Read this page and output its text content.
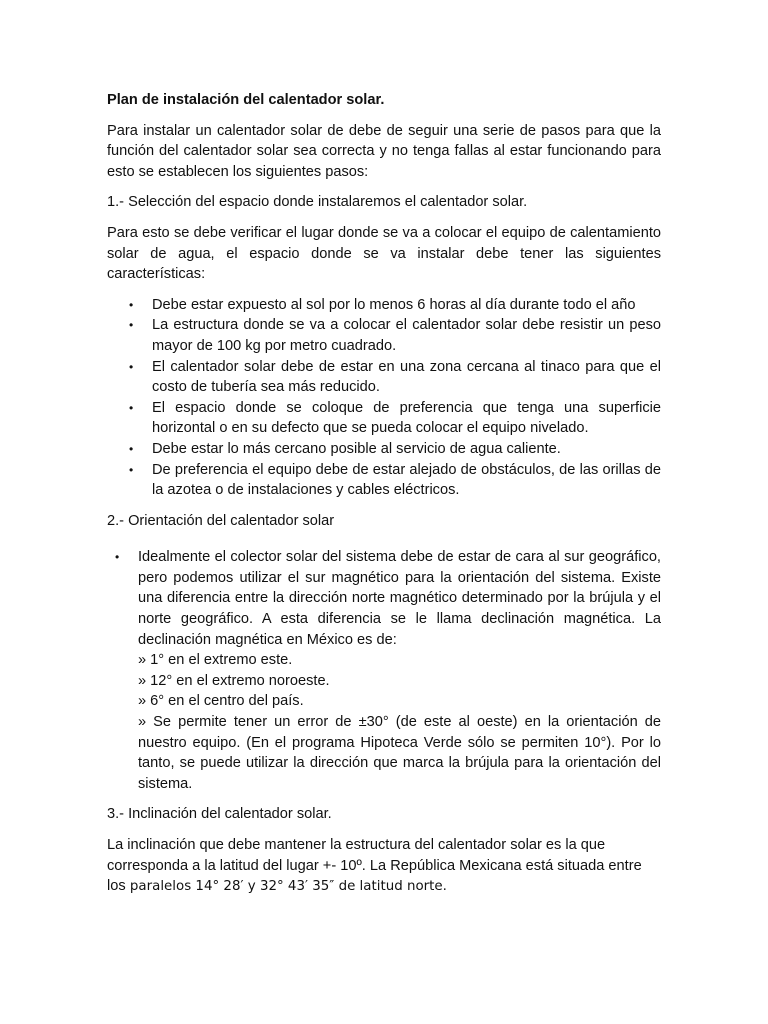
Plan de instalación del calentador solar.

Para instalar un calentador solar de debe de seguir una serie de pasos para que la función del calentador solar sea correcta y no tenga fallas al estar funcionando para esto se establecen los siguientes pasos:

1.- Selección del espacio donde instalaremos el calentador solar.

Para esto se debe verificar el lugar donde se va a colocar el equipo de calentamiento solar de agua, el espacio donde se va instalar debe tener las siguientes características:

• Debe estar expuesto al sol por lo menos 6 horas al día durante todo el año
• La estructura donde se va a colocar el calentador solar debe resistir un peso mayor de 100 kg por metro cuadrado.
• El calentador solar debe de estar en una zona cercana al tinaco para que el costo de tubería sea más reducido.
• El espacio donde se coloque de preferencia que tenga una superficie horizontal o en su defecto que se pueda colocar el equipo nivelado.
• Debe estar lo más cercano posible al servicio de agua caliente.
• De preferencia el equipo debe de estar alejado de obstáculos, de las orillas de la azotea o de instalaciones y cables eléctricos.

2.- Orientación del calentador solar

• Idealmente el colector solar del sistema debe de estar de cara al sur geográfico, pero podemos utilizar el sur magnético para la orientación del sistema. Existe una diferencia entre la dirección norte magnético determinado por la brújula y el norte geográfico. A esta diferencia se le llama declinación magnética. La declinación magnética en México es de:
» 1° en el extremo este.
» 12° en el extremo noroeste.
» 6° en el centro del país.
» Se permite tener un error de ±30° (de este al oeste) en la orientación de nuestro equipo. (En el programa Hipoteca Verde sólo se permiten 10°). Por lo tanto, se puede utilizar la dirección que marca la brújula para la orientación del sistema.

3.- Inclinación del calentador solar.

La inclinación que debe mantener la estructura del calentador solar es la que corresponda a la latitud del lugar +- 10º. La República Mexicana está situada entre los paralelos 14° 28′ y 32° 43′ 35″ de latitud norte.
